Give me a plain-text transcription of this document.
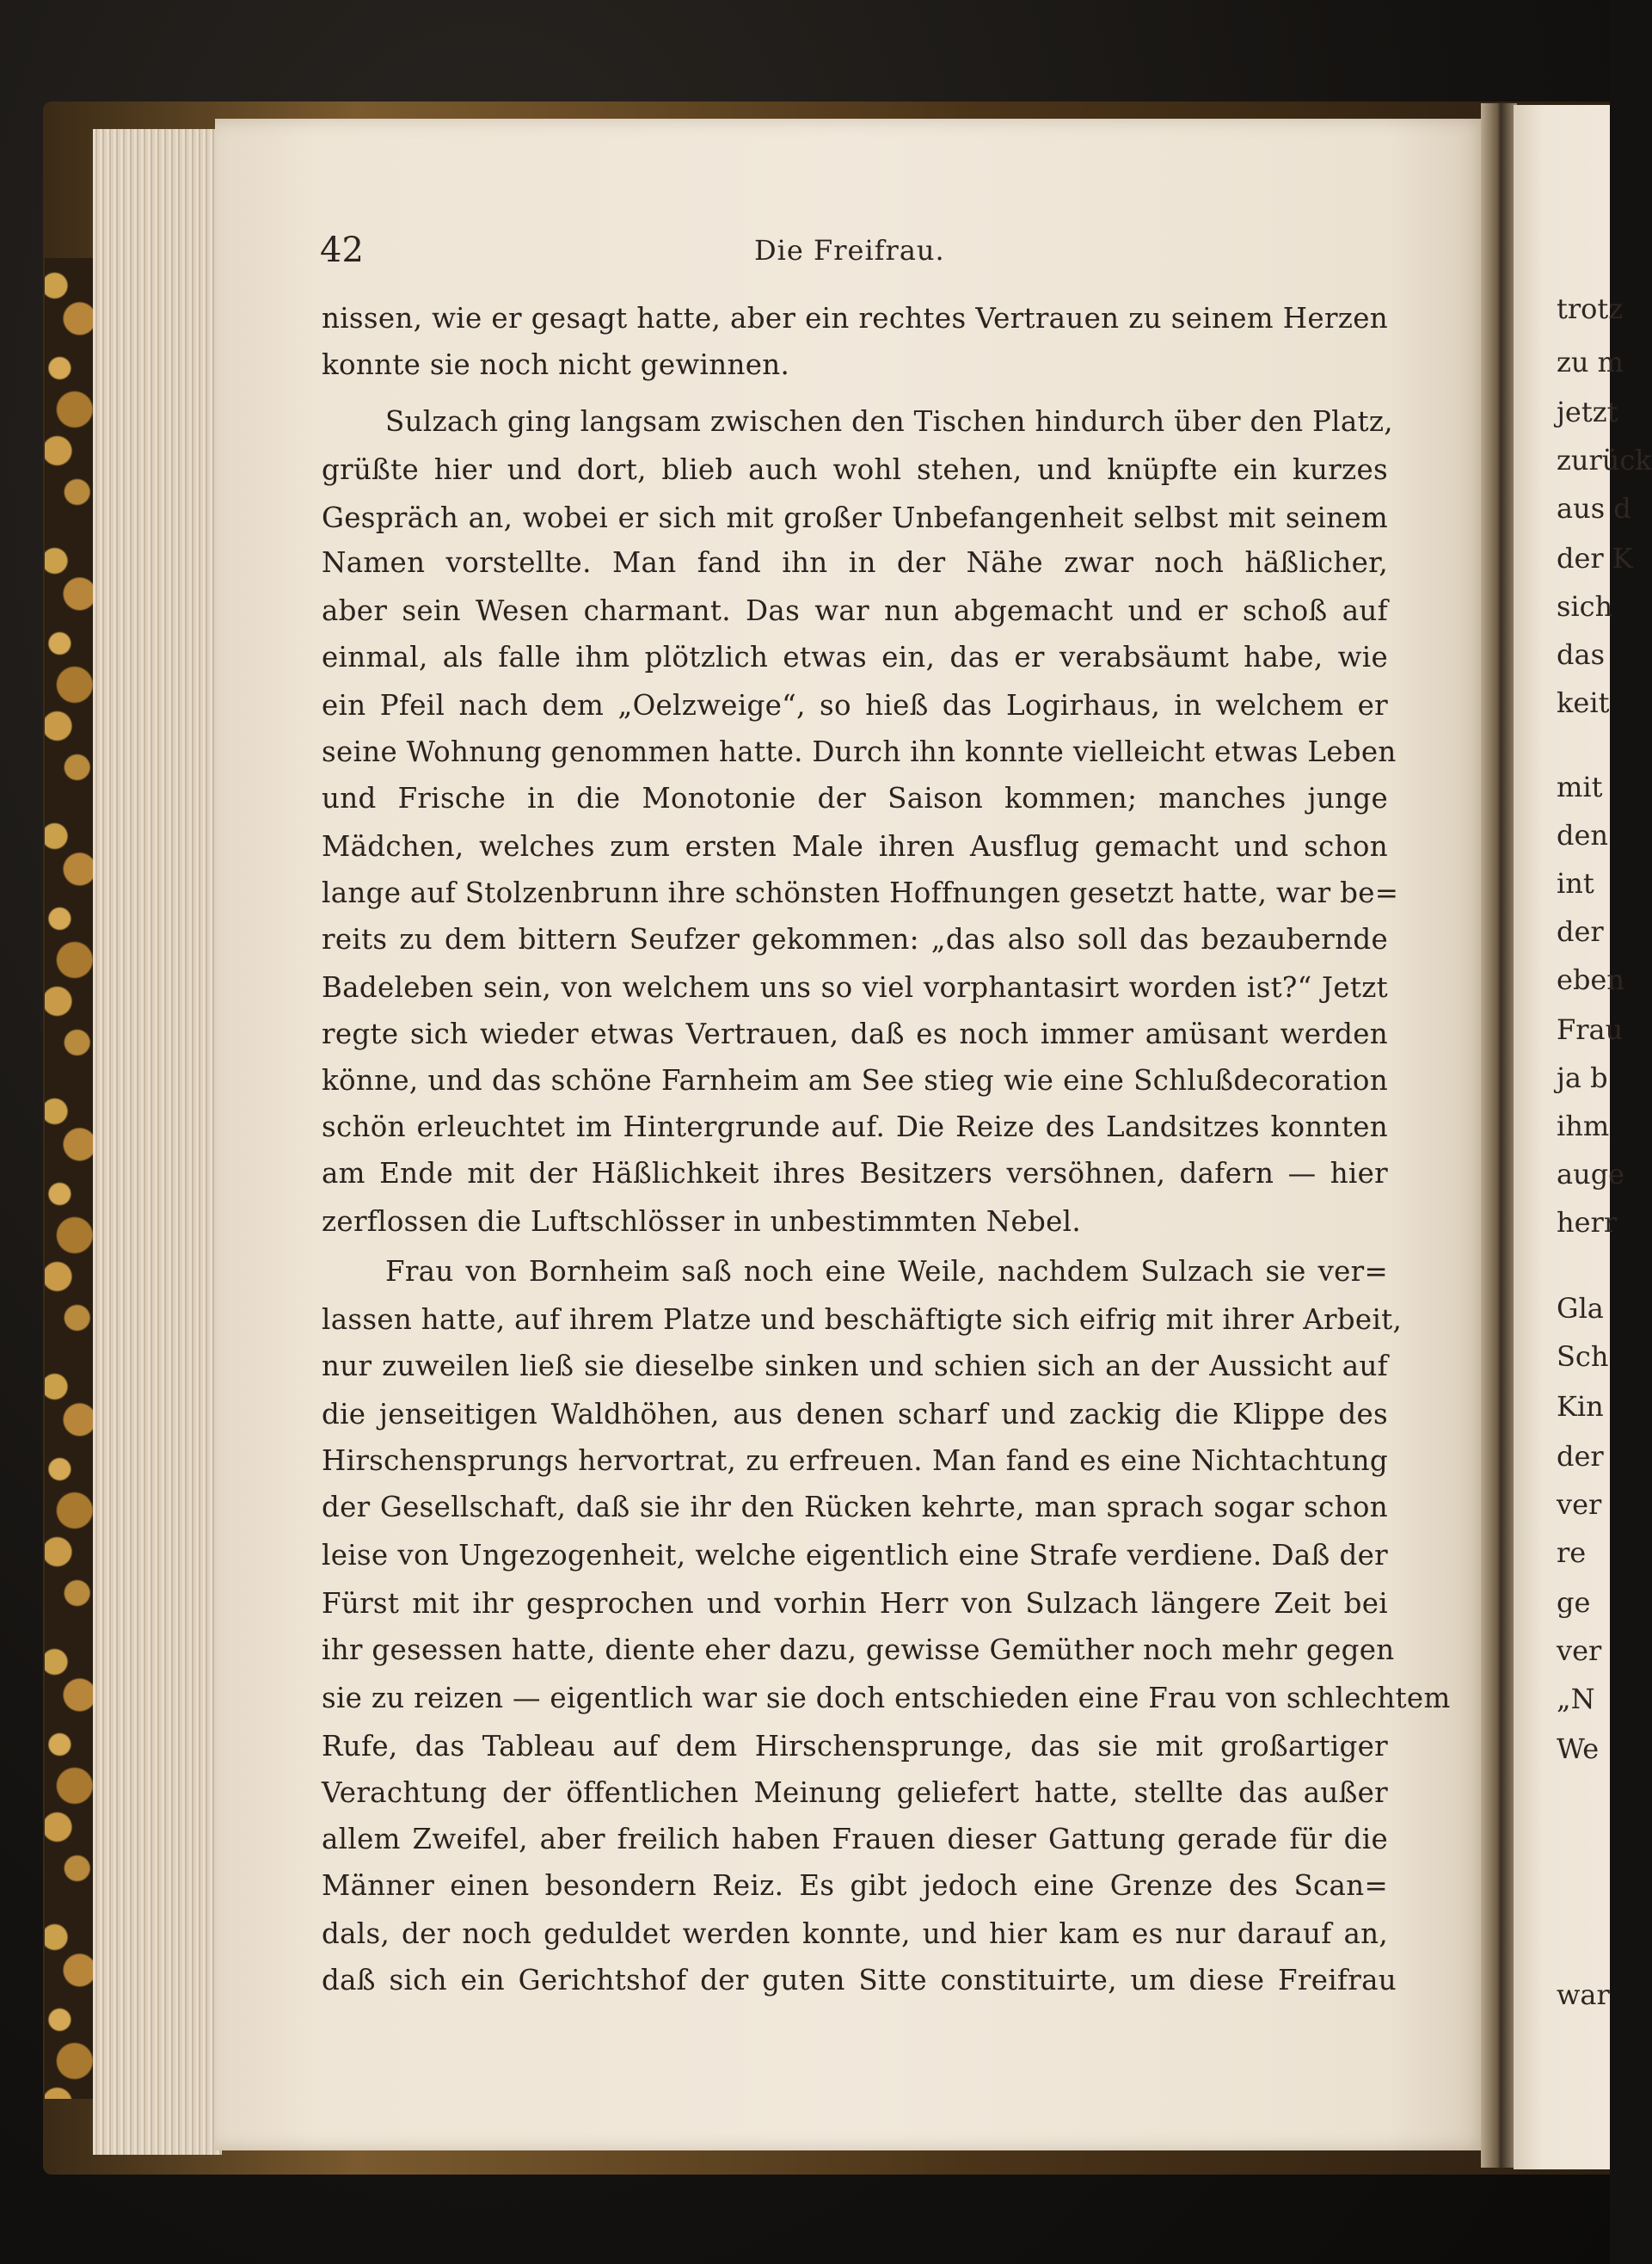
42	Die Freifrau.
nissen, wie er gesagt hatte, aber ein rechtes Vertrauen zu seinem Herzen
konnte sie noch nicht gewinnen.
Sulzach ging langsam zwischen den Tischen hindurch über den Platz,
grüßte hier und dort, blieb auch wohl stehen, und knüpfte ein kurzes
Gespräch an, wobei er sich mit großer Unbefangenheit selbst mit seinem
Namen vorstellte. Man fand ihn in der Nähe zwar noch häßlicher,
aber sein Wesen charmant. Das war nun abgemacht und er schoß auf
einmal, als falle ihm plötzlich etwas ein, das er verabsäumt habe, wie
ein Pfeil nach dem „Oelzweige“, so hieß das Logirhaus, in welchem er
seine Wohnung genommen hatte. Durch ihn konnte vielleicht etwas Leben
und Frische in die Monotonie der Saison kommen; manches junge
Mädchen, welches zum ersten Male ihren Ausflug gemacht und schon
lange auf Stolzenbrunn ihre schönsten Hoffnungen gesetzt hatte, war be=
reits zu dem bittern Seufzer gekommen: „das also soll das bezaubernde
Badeleben sein, von welchem uns so viel vorphantasirt worden ist?“ Jetzt
regte sich wieder etwas Vertrauen, daß es noch immer amüsant werden
könne, und das schöne Farnheim am See stieg wie eine Schlußdecoration
schön erleuchtet im Hintergrunde auf. Die Reize des Landsitzes konnten
am Ende mit der Häßlichkeit ihres Besitzers versöhnen, dafern — hier
zerflossen die Luftschlösser in unbestimmten Nebel.
Frau von Bornheim saß noch eine Weile, nachdem Sulzach sie ver=
lassen hatte, auf ihrem Platze und beschäftigte sich eifrig mit ihrer Arbeit,
nur zuweilen ließ sie dieselbe sinken und schien sich an der Aussicht auf
die jenseitigen Waldhöhen, aus denen scharf und zackig die Klippe des
Hirschensprungs hervortrat, zu erfreuen. Man fand es eine Nichtachtung
der Gesellschaft, daß sie ihr den Rücken kehrte, man sprach sogar schon
leise von Ungezogenheit, welche eigentlich eine Strafe verdiene. Daß der
Fürst mit ihr gesprochen und vorhin Herr von Sulzach längere Zeit bei
ihr gesessen hatte, diente eher dazu, gewisse Gemüther noch mehr gegen
sie zu reizen — eigentlich war sie doch entschieden eine Frau von schlechtem
Rufe, das Tableau auf dem Hirschensprunge, das sie mit großartiger
Verachtung der öffentlichen Meinung geliefert hatte, stellte das außer
allem Zweifel, aber freilich haben Frauen dieser Gattung gerade für die
Männer einen besondern Reiz. Es gibt jedoch eine Grenze des Scan=
dals, der noch geduldet werden konnte, und hier kam es nur darauf an,
daß sich ein Gerichtshof der guten Sitte constituirte, um diese Freifrau
trotz
zu m
jetzt
zurück
aus d
der K
sich
das
keit
mit
den
int
der
eben
Frau
ja b
ihm
auge
herr
Gla
Sch
Kin
der
ver
re
ge
ver
„N
We
war
